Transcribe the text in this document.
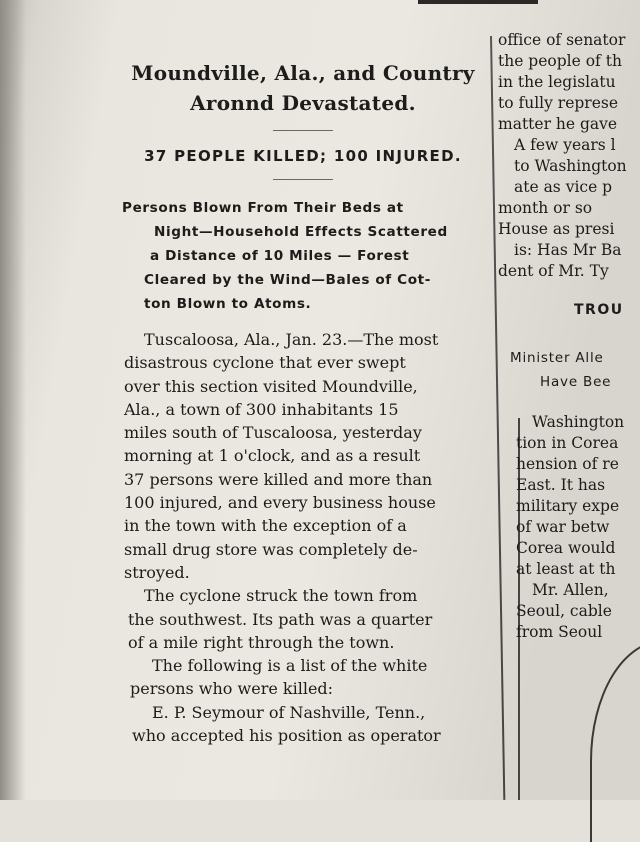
Moundville, Ala., and Country
Aronnd Devastated.
37 PEOPLE KILLED; 100 INJURED.
Persons Blown From Their Beds at
Night—Household Effects Scattered
a Distance of 10 Miles — Forest
Cleared by the Wind—Bales of Cot-
ton Blown to Atoms.
Tuscaloosa, Ala., Jan. 23.—The most
disastrous cyclone that ever swept
over this section visited Moundville,
Ala., a town of 300 inhabitants 15
miles south of Tuscaloosa, yesterday
morning at 1 o'clock, and as a result
37 persons were killed and more than
100 injured, and every business house
in the town with the exception of a
small drug store was completely de-
stroyed.
The cyclone struck the town from
the southwest. Its path was a quarter
of a mile right through the town.
The following is a list of the white
persons who were killed:
E. P. Seymour of Nashville, Tenn.,
who accepted his position as operator
office of senator
the people of th
in the legislatu
to fully represe
matter he gave
A few years l
to Washington
ate as vice p
month or so
House as presi
is: Has Mr Ba
dent of Mr. Ty
TROU
Minister Alle
Have Bee
Washington
tion in Corea
hension of re
East. It has
military expe
of war betw
Corea would
at least at th
Mr. Allen,
Seoul, cable
from Seoul
